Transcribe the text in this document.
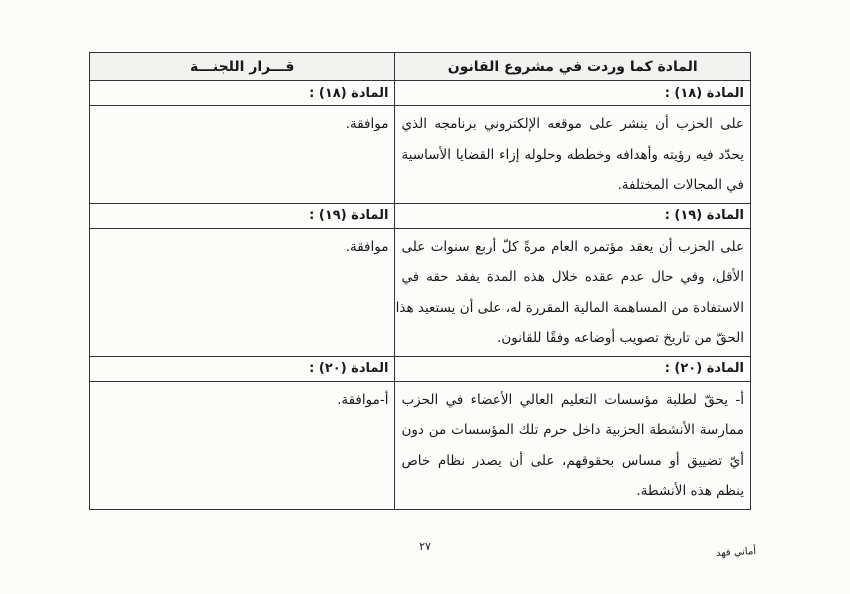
المادة كما وردت في مشروع القانون	قـــرار اللجنـــة
المادة (١٨) :	المادة (١٨) :

على الحزب أن ينشر على موقعه الإلكتروني برنامجه الذي
يحدّد فيه رؤيته وأهدافه وخططه وحلوله إزاء القضايا الأساسية
في المجالات المختلفة.	موافقة.
المادة (١٩) :	المادة (١٩) :

على الحزب أن يعقد مؤتمره العام مرةً كلّ أربع سنوات على
الأقل، وفي حال عدم عقده خلال هذه المدة يفقد حقه في
الاستفادة من المساهمة المالية المقررة له، على أن يستعيد هذا
الحقّ من تاريخ تصويب أوضاعه وفقًا للقانون.	موافقة.
المادة (٢٠) :	المادة (٢٠) :

أ- يحقّ لطلبة مؤسسات التعليم العالي الأعضاء في الحزب
ممارسة الأنشطة الحزبية داخل حرم تلك المؤسسات من دون
أيّ تضييق أو مساس بحقوقهم، على أن يصدر نظام خاص
ينظم هذه الأنشطة.	أ-موافقة.
٢٧	أماني فهد
